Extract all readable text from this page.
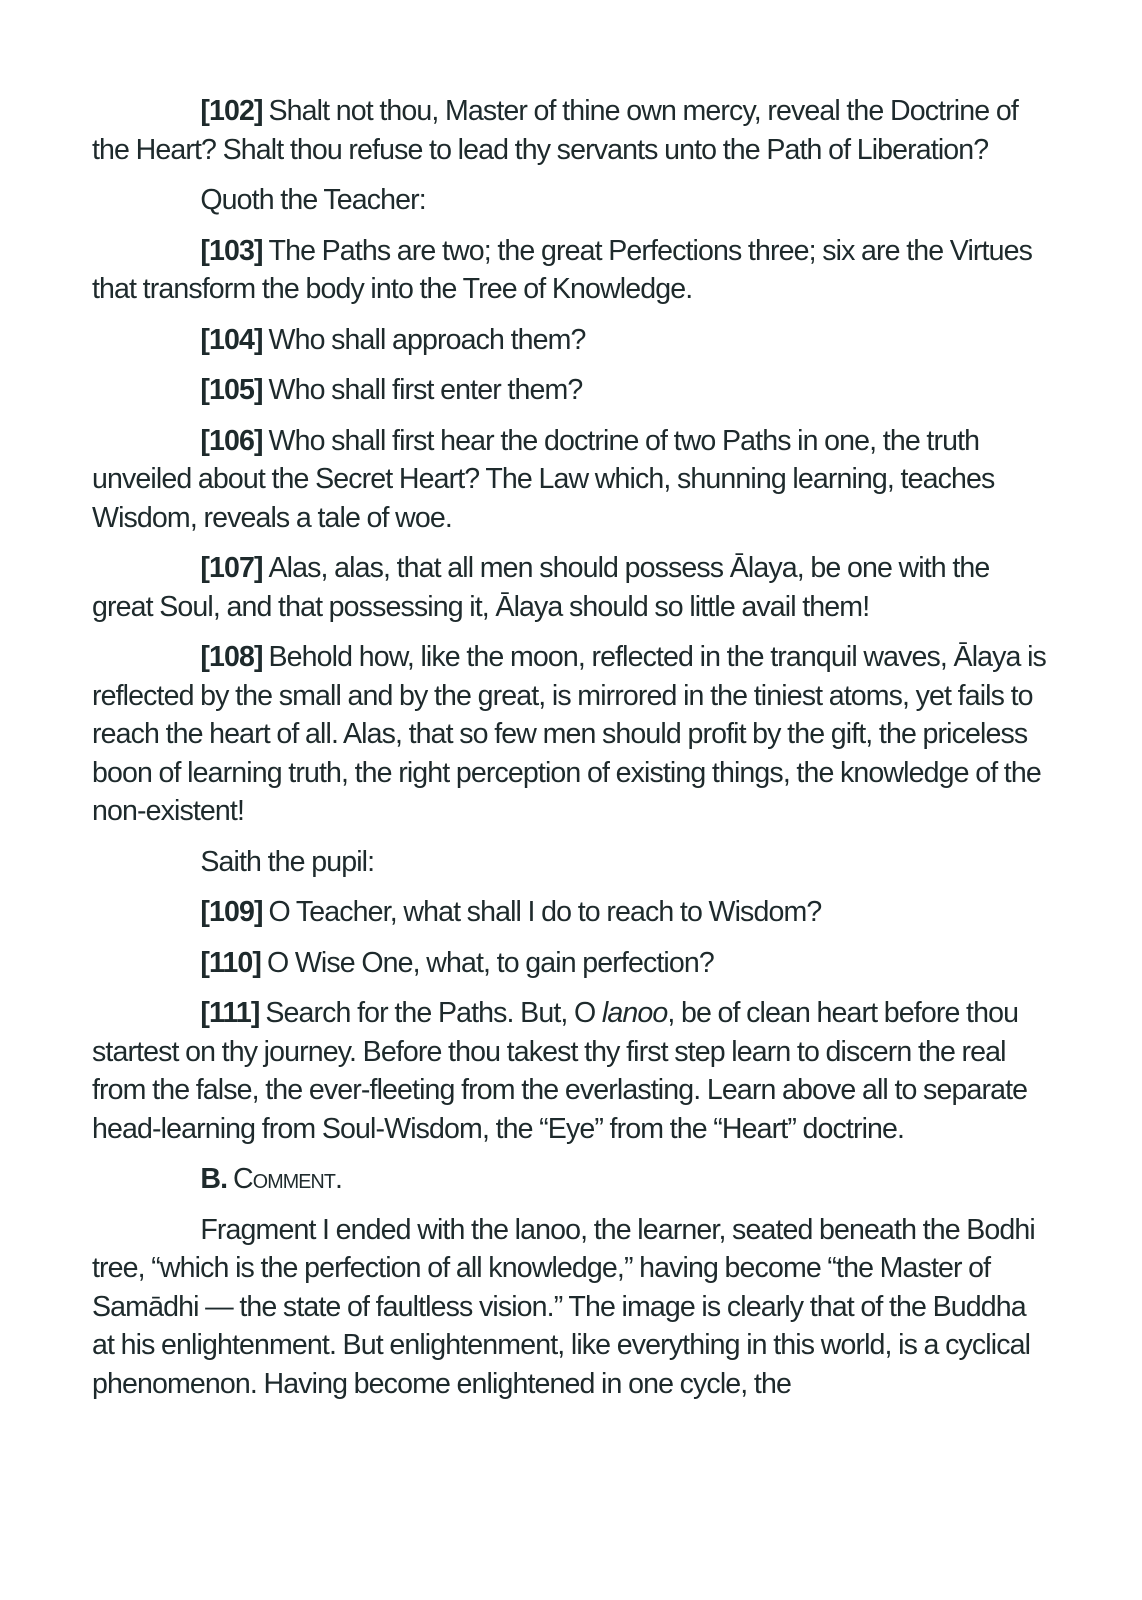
[102] Shalt not thou, Master of thine own mercy, reveal the Doctrine of the Heart? Shalt thou refuse to lead thy servants unto the Path of Liberation?

Quoth the Teacher:

[103] The Paths are two; the great Perfections three; six are the Virtues that transform the body into the Tree of Knowledge.

[104] Who shall approach them?

[105] Who shall first enter them?

[106] Who shall first hear the doctrine of two Paths in one, the truth unveiled about the Secret Heart? The Law which, shunning learning, teaches Wisdom, reveals a tale of woe.

[107] Alas, alas, that all men should possess Ālaya, be one with the great Soul, and that possessing it, Ālaya should so little avail them!

[108] Behold how, like the moon, reflected in the tranquil waves, Ālaya is reflected by the small and by the great, is mirrored in the tiniest atoms, yet fails to reach the heart of all. Alas, that so few men should profit by the gift, the priceless boon of learning truth, the right perception of existing things, the knowledge of the non-existent!

Saith the pupil:

[109] O Teacher, what shall I do to reach to Wisdom?

[110] O Wise One, what, to gain perfection?

[111] Search for the Paths. But, O lanoo, be of clean heart before thou startest on thy journey. Before thou takest thy first step learn to discern the real from the false, the ever-fleeting from the everlasting. Learn above all to separate head-learning from Soul-Wisdom, the “Eye” from the “Heart” doctrine.

B. Comment.

Fragment I ended with the lanoo, the learner, seated beneath the Bodhi tree, “which is the perfection of all knowledge,” having become “the Master of Samādhi — the state of faultless vision.” The image is clearly that of the Buddha at his enlightenment. But enlightenment, like everything in this world, is a cyclical phenomenon. Having become enlightened in one cycle, the
